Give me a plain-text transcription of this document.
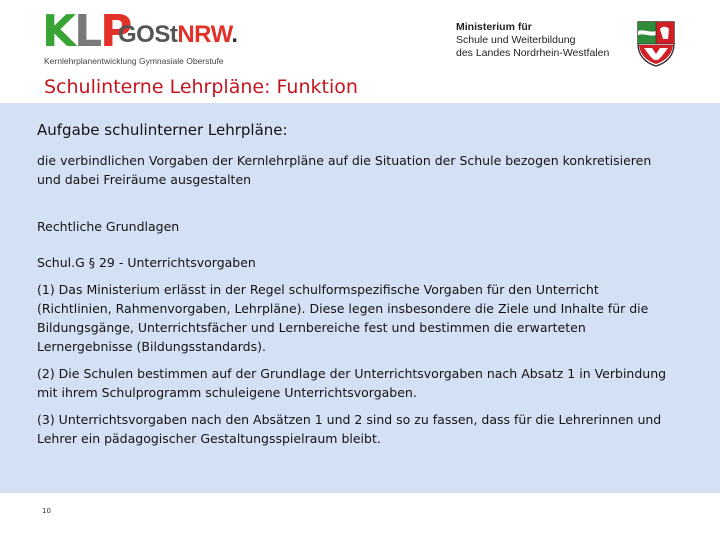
KLP
GOStNRW.
Kernlehrplanentwicklung Gymnasiale Oberstufe
Ministerium für
Schule und Weiterbildung
des Landes Nordrhein-Westfalen
Schulinterne Lehrpläne: Funktion
Aufgabe schulinterner Lehrpläne:

die verbindlichen Vorgaben der Kernlehrpläne auf die Situation der Schule bezogen konkretisieren und dabei Freiräume ausgestalten

Rechtliche Grundlagen

Schul.G § 29 - Unterrichtsvorgaben

(1) Das Ministerium erlässt in der Regel schulformspezifische Vorgaben für den Unterricht (Richtlinien, Rahmenvorgaben, Lehrpläne). Diese legen insbesondere die Ziele und Inhalte für die Bildungsgänge, Unterrichtsfächer und Lernbereiche fest und bestimmen die erwarteten Lernergebnisse (Bildungsstandards).

(2) Die Schulen bestimmen auf der Grundlage der Unterrichtsvorgaben nach Absatz 1 in Verbindung mit ihrem Schulprogramm schuleigene Unterrichtsvorgaben.

(3) Unterrichtsvorgaben nach den Absätzen 1 und 2 sind so zu fassen, dass für die Lehrerinnen und Lehrer ein pädagogischer Gestaltungsspielraum bleibt.

10
